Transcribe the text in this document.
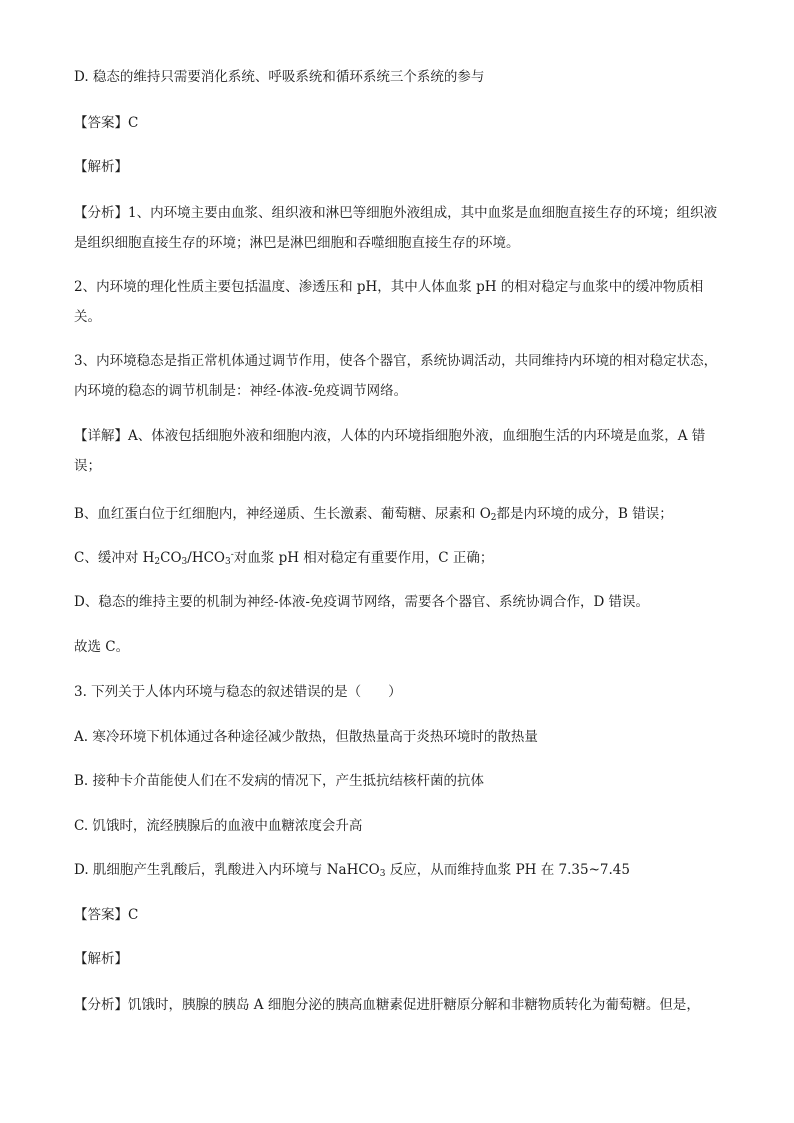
D. 稳态的维持只需要消化系统、呼吸系统和循环系统三个系统的参与
【答案】C
【解析】
【分析】1、内环境主要由血浆、组织液和淋巴等细胞外液组成，其中血浆是血细胞直接生存的环境；组织液是组织细胞直接生存的环境；淋巴是淋巴细胞和吞噬细胞直接生存的环境。
2、内环境的理化性质主要包括温度、渗透压和 pH，其中人体血浆 pH 的相对稳定与血浆中的缓冲物质相关。
3、内环境稳态是指正常机体通过调节作用，使各个器官，系统协调活动，共同维持内环境的相对稳定状态，内环境的稳态的调节机制是：神经-体液-免疫调节网络。
【详解】A、体液包括细胞外液和细胞内液，人体的内环境指细胞外液，血细胞生活的内环境是血浆，A 错误；
B、血红蛋白位于红细胞内，神经递质、生长激素、葡萄糖、尿素和 $O_2$都是内环境的成分，B 错误；
C、缓冲对 $H_2CO_3/HCO_3^-$对血浆 pH 相对稳定有重要作用，C 正确；
D、稳态的维持主要的机制为神经-体液-免疫调节网络，需要各个器官、系统协调合作，D 错误。
故选 C。
3. 下列关于人体内环境与稳态的叙述错误的是（　　）
A. 寒冷环境下机体通过各种途径减少散热，但散热量高于炎热环境时的散热量
B. 接种卡介苗能使人们在不发病的情况下，产生抵抗结核杆菌的抗体
C. 饥饿时，流经胰腺后的血液中血糖浓度会升高
D. 肌细胞产生乳酸后，乳酸进入内环境与 NaHCO$_3$ 反应，从而维持血浆 PH 在 7.35~7.45
【答案】C
【解析】
【分析】饥饿时，胰腺的胰岛 A 细胞分泌的胰高血糖素促进肝糖原分解和非糖物质转化为葡萄糖。但是，
